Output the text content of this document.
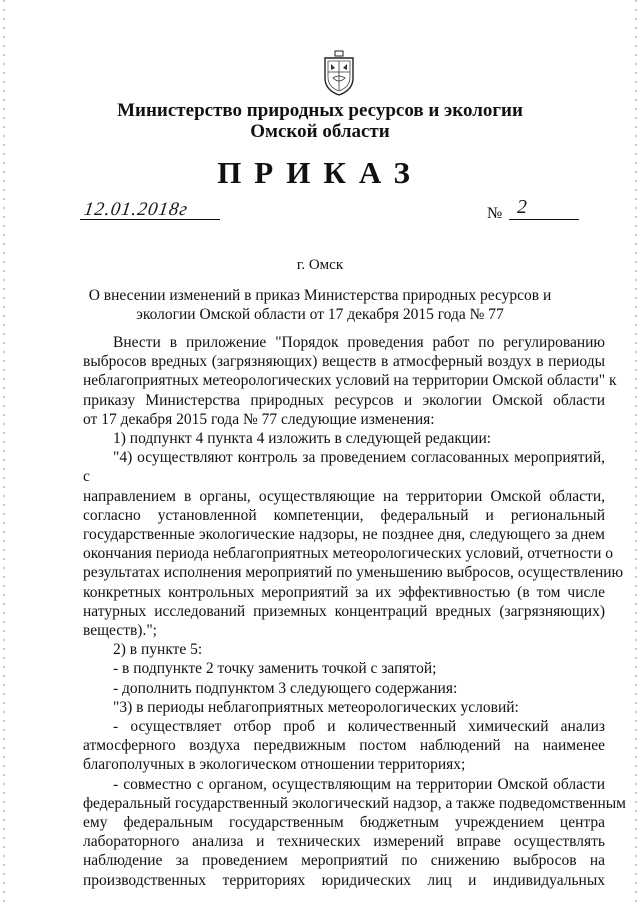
Министерство природных ресурсов и экологии
Омской области
ПРИКАЗ
12.01.2018г	№ 2
г. Омск
О внесении изменений в приказ Министерства природных ресурсов и
экологии Омской области от 17 декабря 2015 года № 77

Внести в приложение "Порядок проведения работ по регулированию

выбросов вредных (загрязняющих) веществ в атмосферный воздух в периоды

неблагоприятных метеорологических условий на территории Омской области" к

приказу Министерства природных ресурсов и экологии Омской области

от 17 декабря 2015 года № 77 следующие изменения:

1) подпункт 4 пункта 4 изложить в следующей редакции:

"4) осуществляют контроль за проведением согласованных мероприятий, с

направлением в органы, осуществляющие на территории Омской области,

согласно установленной компетенции, федеральный и региональный

государственные экологические надзоры, не позднее дня, следующего за днем

окончания периода неблагоприятных метеорологических условий, отчетности о

результатах исполнения мероприятий по уменьшению выбросов, осуществлению

конкретных контрольных мероприятий за их эффективностью (в том числе

натурных исследований приземных концентраций вредных (загрязняющих)

веществ).";

2) в пункте 5:

- в подпункте 2 точку заменить точкой с запятой;

- дополнить подпунктом 3 следующего содержания:

"3) в периоды неблагоприятных метеорологических условий:

- осуществляет отбор проб и количественный химический анализ

атмосферного воздуха передвижным постом наблюдений на наименее

благополучных в экологическом отношении территориях;

- совместно с органом, осуществляющим на территории Омской области

федеральный государственный экологический надзор, а также подведомственным

ему федеральным государственным бюджетным учреждением центра

лабораторного анализа и технических измерений вправе осуществлять

наблюдение за проведением мероприятий по снижению выбросов на

производственных территориях юридических лиц и индивидуальных
